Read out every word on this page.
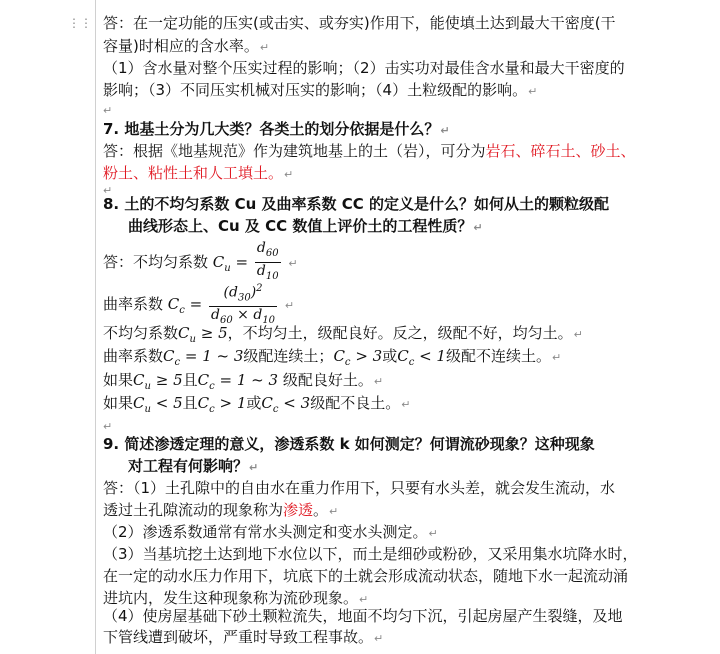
⋮⋮ 答：在一定功能的压实(或击实、或夯实)作用下，能使填土达到最大干密度(干
容量)时相应的含水率。↵
（1）含水量对整个压实过程的影响；（2）击实功对最佳含水量和最大干密度的
影响；（3）不同压实机械对压实的影响；（4）土粒级配的影响。↵
↵
7. 地基土分为几大类？各类土的划分依据是什么？↵
答：根据《地基规范》作为建筑地基上的土（岩），可分为岩石、碎石土、砂土、
粉土、粘性土和人工填土。↵
↵
8. 土的不均匀系数 Cu 及曲率系数 CC 的定义是什么？如何从土的颗粒级配
曲线形态上、Cu 及 CC 数值上评价土的工程性质？↵
答：不均匀系数 $C_u = \frac{d_{60}}{d_{10}}$ ↵
曲率系数 $C_c = \frac{(d_{30})^2}{d_{60} \times d_{10}}$ ↵
不均匀系数$C_u \ge 5$，不均匀土，级配良好。反之，级配不好，均匀土。↵
曲率系数$C_c = 1$ ~ 3级配连续土；$C_c > 3$或$C_c < 1$级配不连续土。↵
如果$C_u \ge 5$且$C_c = 1$ ~ 3 级配良好土。↵
如果$C_u < 5$且$C_c > 1$或$C_c < 3$级配不良土。↵
↵
9. 简述渗透定理的意义，渗透系数 k 如何测定？何谓流砂现象？这种现象
对工程有何影响？↵
答：（1）土孔隙中的自由水在重力作用下，只要有水头差，就会发生流动，水
透过土孔隙流动的现象称为渗透。↵
（2）渗透系数通常有常水头测定和变水头测定。↵
（3）当基坑挖土达到地下水位以下，而土是细砂或粉砂，又采用集水坑降水时，
在一定的动水压力作用下，坑底下的土就会形成流动状态，随地下水一起流动涌
进坑内，发生这种现象称为流砂现象。↵
（4）使房屋基础下砂土颗粒流失，地面不均匀下沉，引起房屋产生裂缝，及地
下管线遭到破坏，严重时导致工程事故。↵
